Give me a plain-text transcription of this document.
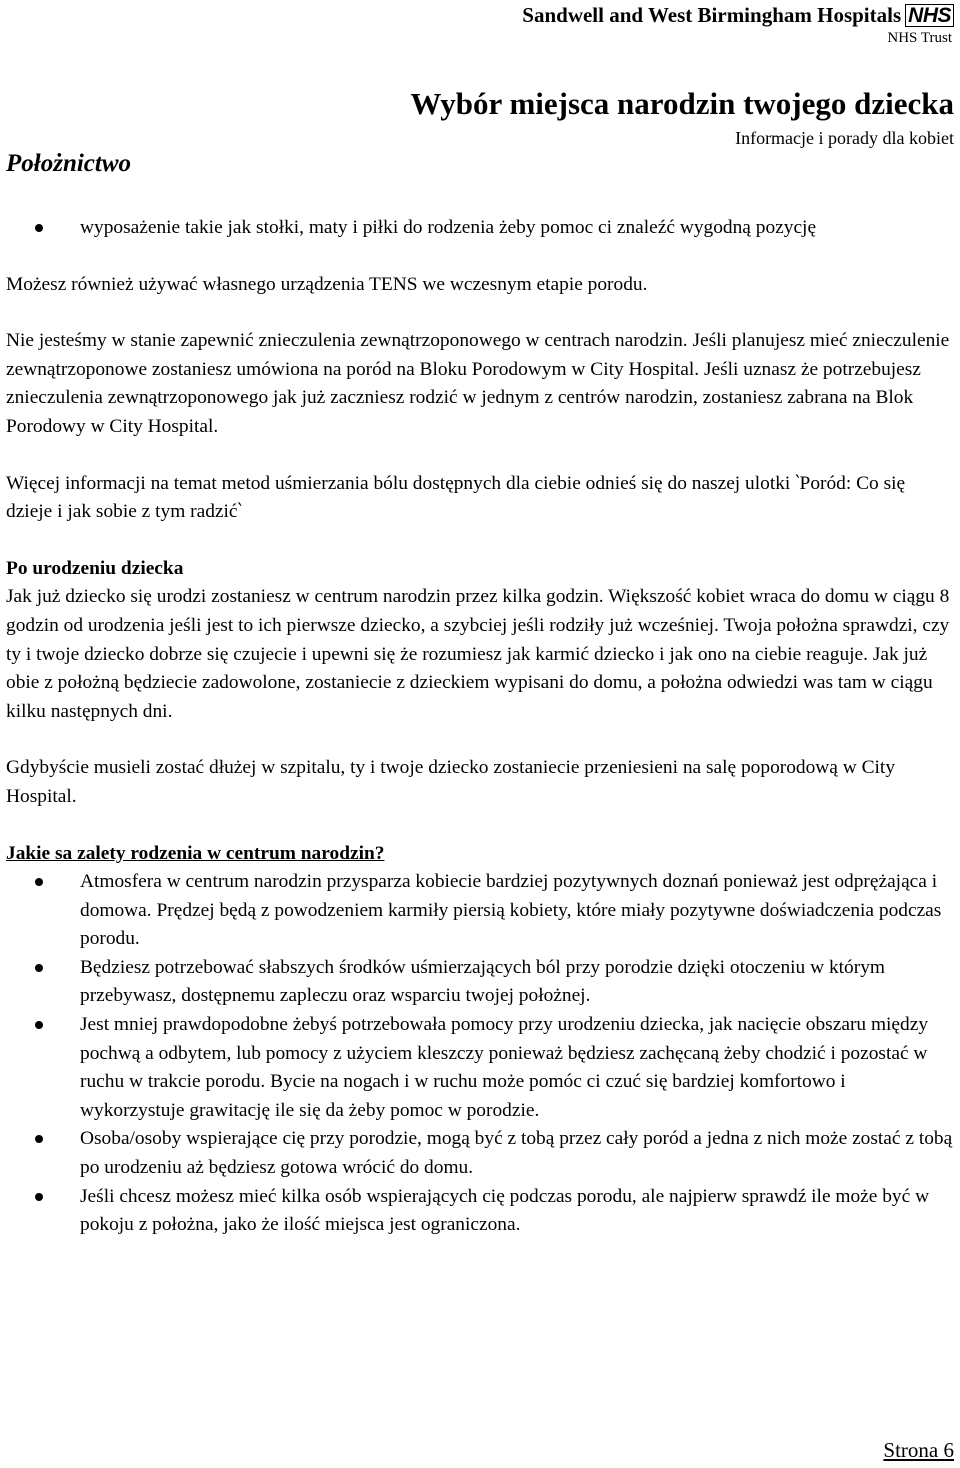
Sandwell and West Birmingham Hospitals NHS
NHS Trust
Wybór miejsca narodzin twojego dziecka
Informacje i porady dla kobiet
Położnictwo
wyposażenie takie jak stołki, maty i piłki do rodzenia żeby pomoc ci znaleźć wygodną pozycję

Możesz również używać własnego urządzenia TENS we wczesnym etapie porodu.

Nie jesteśmy w stanie zapewnić znieczulenia zewnątrzoponowego w centrach narodzin. Jeśli planujesz mieć znieczulenie zewnątrzoponowe zostaniesz umówiona na poród na Bloku Porodowym w City Hospital. Jeśli uznasz że potrzebujesz znieczulenia zewnątrzoponowego jak już zaczniesz rodzić w jednym z centrów narodzin, zostaniesz zabrana na Blok Porodowy w City Hospital.

Więcej informacji na temat metod uśmierzania bólu dostępnych dla ciebie odnieś się do naszej ulotki ‵Poród: Co się dzieje i jak sobie z tym radzić‵

Po urodzeniu dziecka

Jak już dziecko się urodzi zostaniesz w centrum narodzin przez kilka godzin. Większość kobiet wraca do domu w ciągu 8 godzin od urodzenia jeśli jest to ich pierwsze dziecko, a szybciej jeśli rodziły już wcześniej. Twoja położna sprawdzi, czy ty i twoje dziecko dobrze się czujecie i upewni się że rozumiesz jak karmić dziecko i jak ono na ciebie reaguje. Jak już obie z położną będziecie zadowolone, zostaniecie z dzieckiem wypisani do domu, a położna odwiedzi was tam w ciągu kilku następnych dni.

Gdybyście musieli zostać dłużej w szpitalu, ty i twoje dziecko zostaniecie przeniesieni na salę poporodową w City Hospital.

Jakie sa zalety rodzenia w centrum narodzin?
Atmosfera w centrum narodzin przysparza kobiecie bardziej pozytywnych doznań ponieważ jest odprężająca i domowa. Prędzej będą z powodzeniem karmiły piersią kobiety, które miały pozytywne doświadczenia podczas porodu.
Będziesz potrzebować słabszych środków uśmierzających ból przy porodzie dzięki otoczeniu w którym przebywasz, dostępnemu zapleczu oraz wsparciu twojej położnej.
Jest mniej prawdopodobne żebyś potrzebowała pomocy przy urodzeniu dziecka, jak nacięcie obszaru między pochwą a odbytem, lub pomocy z użyciem kleszczy ponieważ będziesz zachęcaną żeby chodzić i pozostać w ruchu w trakcie porodu. Bycie na nogach i w ruchu może pomóc ci czuć się bardziej komfortowo i wykorzystuje grawitację ile się da żeby pomoc w porodzie.
Osoba/osoby wspierające cię przy porodzie, mogą być z tobą przez cały poród a jedna z nich może zostać z tobą po urodzeniu aż będziesz gotowa wrócić do domu.
Jeśli chcesz możesz mieć kilka osób wspierających cię podczas porodu, ale najpierw sprawdź ile może być w pokoju z położna, jako że ilość miejsca jest ograniczona.
Strona 6
